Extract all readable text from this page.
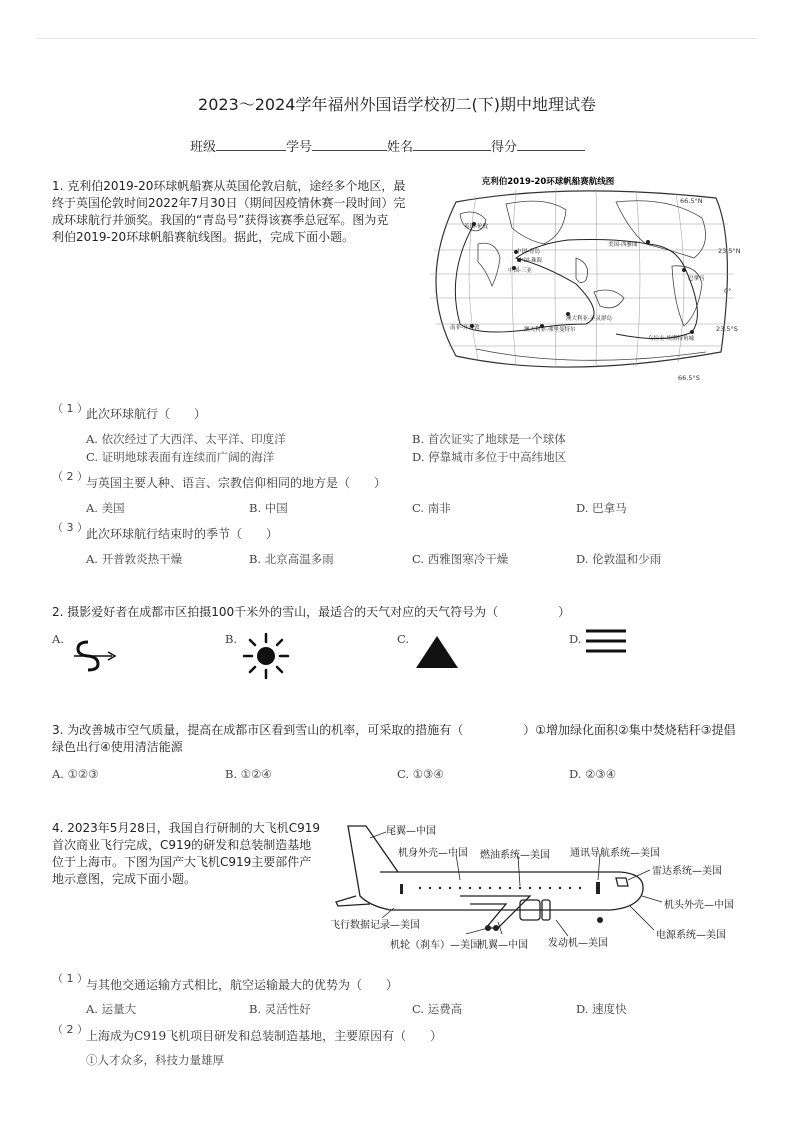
2023～2024学年福州外国语学校初二(下)期中地理试卷
班级	学号	姓名	得分
1. 克利伯2019-20环球帆船赛从英国伦敦启航，途经多个地区，最
终于英国伦敦时间2022年7月30日（期间因疫情休赛一段时间）完
成环球航行并颁奖。我国的“青岛号”获得该赛季总冠军。图为克
利伯2019-20环球帆船赛航线图。据此，完成下面小题。
克利伯2019-20环球帆船赛航线图
英国-伦敦
中国-青岛
中国-珠海
中国-三亚
美国-西雅图
巴拿马
南非-开普敦	澳大利亚-弗里曼特尔
澳大利亚-圣灵群岛
乌拉圭-埃斯特角城
66.5°N
23.5°N
0°
23.5°S
66.5°S
（ 1 ）
此次环球航行（　　）
A. 依次经过了大西洋、太平洋、印度洋	B. 首次证实了地球是一个球体
C. 证明地球表面有连续而广阔的海洋	D. 停靠城市多位于中高纬地区
（ 2 ）
与英国主要人种、语言、宗教信仰相同的地方是（　　）
A. 美国	B. 中国	C. 南非	D. 巴拿马
（ 3 ）
此次环球航行结束时的季节（　　）
A. 开普敦炎热干燥	B. 北京高温多雨	C. 西雅图寒冷干燥	D. 伦敦温和少雨
2. 摄影爱好者在成都市区拍摄100千米外的雪山，最适合的天气对应的天气符号为（　　　　　）
A.	B.	C.	D.
3. 为改善城市空气质量，提高在成都市区看到雪山的机率，可采取的措施有（　　　　　）①增加绿化面积②集中焚烧秸秆③提倡
绿色出行④使用清洁能源
A. ①②③	B. ①②④	C. ①③④	D. ②③④
4. 2023年5月28日，我国自行研制的大飞机C919
首次商业飞行完成，C919的研发和总装制造基地
位于上海市。下图为国产大飞机C919主要部件产
地示意图，完成下面小题。
尾翼—中国
机身外壳—中国 燃油系统—美国 通讯导航系统—美国
雷达系统—美国
机头外壳—中国
电源系统—美国
发动机—美国
机翼—中国
机轮（刹车）—美国
飞行数据记录—美国
（ 1 ）
与其他交通运输方式相比，航空运输最大的优势为（　　）
A. 运量大	B. 灵活性好	C. 运费高	D. 速度快
（ 2 ）
上海成为C919飞机项目研发和总装制造基地，主要原因有（　　）
①人才众多，科技力量雄厚
